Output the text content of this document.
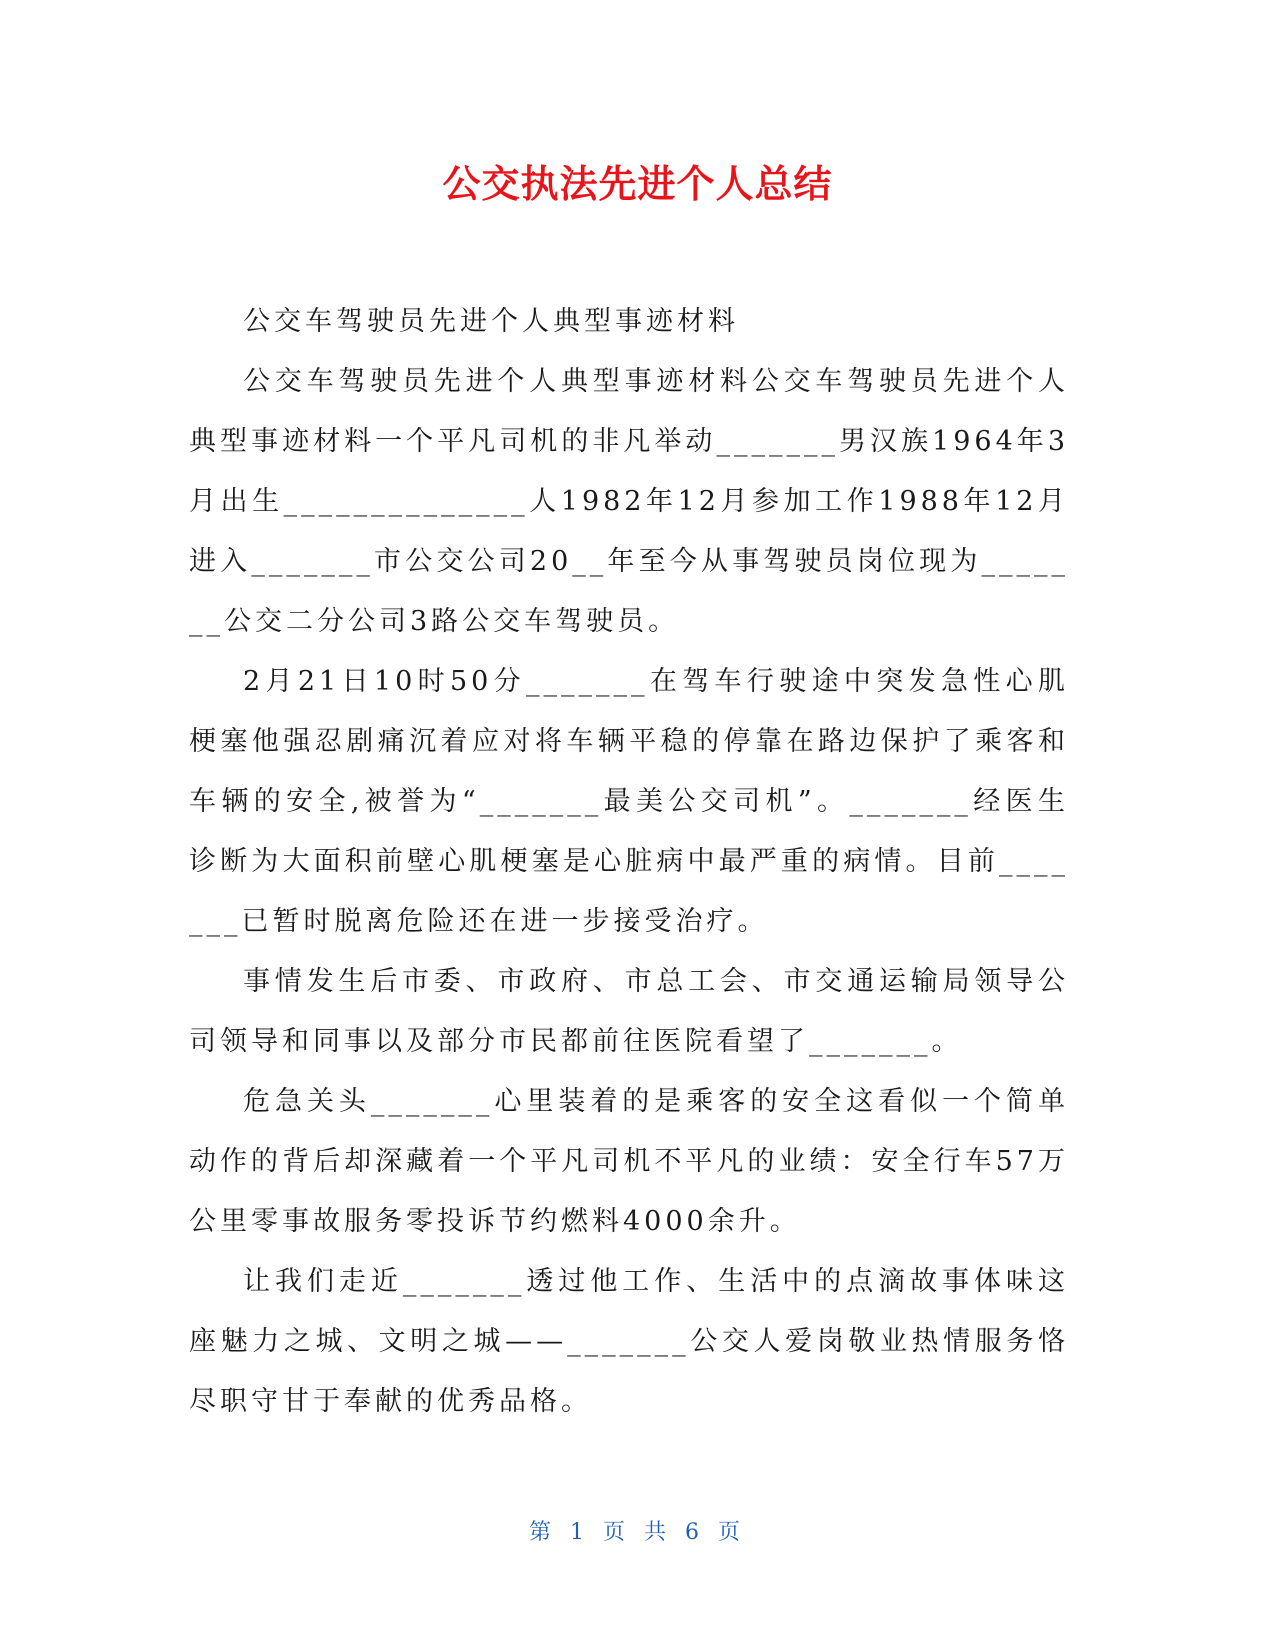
公交执法先进个人总结

公交车驾驶员先进个人典型事迹材料

公交车驾驶员先进个人典型事迹材料公交车驾驶员先进个人典型事迹材料一个平凡司机的非凡举动_______男汉族1964年3月出生______________人1982年12月参加工作1988年12月进入_______市公交公司20__年至今从事驾驶员岗位现为_______公交二分公司3路公交车驾驶员。

2月21日10时50分_______在驾车行驶途中突发急性心肌梗塞他强忍剧痛沉着应对将车辆平稳的停靠在路边保护了乘客和车辆的安全,被誉为“_______最美公交司机”。_______经医生诊断为大面积前壁心肌梗塞是心脏病中最严重的病情。目前_______已暂时脱离危险还在进一步接受治疗。

事情发生后市委、市政府、市总工会、市交通运输局领导公司领导和同事以及部分市民都前往医院看望了_______。

危急关头_______心里装着的是乘客的安全这看似一个简单动作的背后却深藏着一个平凡司机不平凡的业绩：安全行车57万公里零事故服务零投诉节约燃料4000余升。

让我们走近_______透过他工作、生活中的点滴故事体味这座魅力之城、文明之城——_______公交人爱岗敬业热情服务恪尽职守甘于奉献的优秀品格。

第 1 页 共 6 页
